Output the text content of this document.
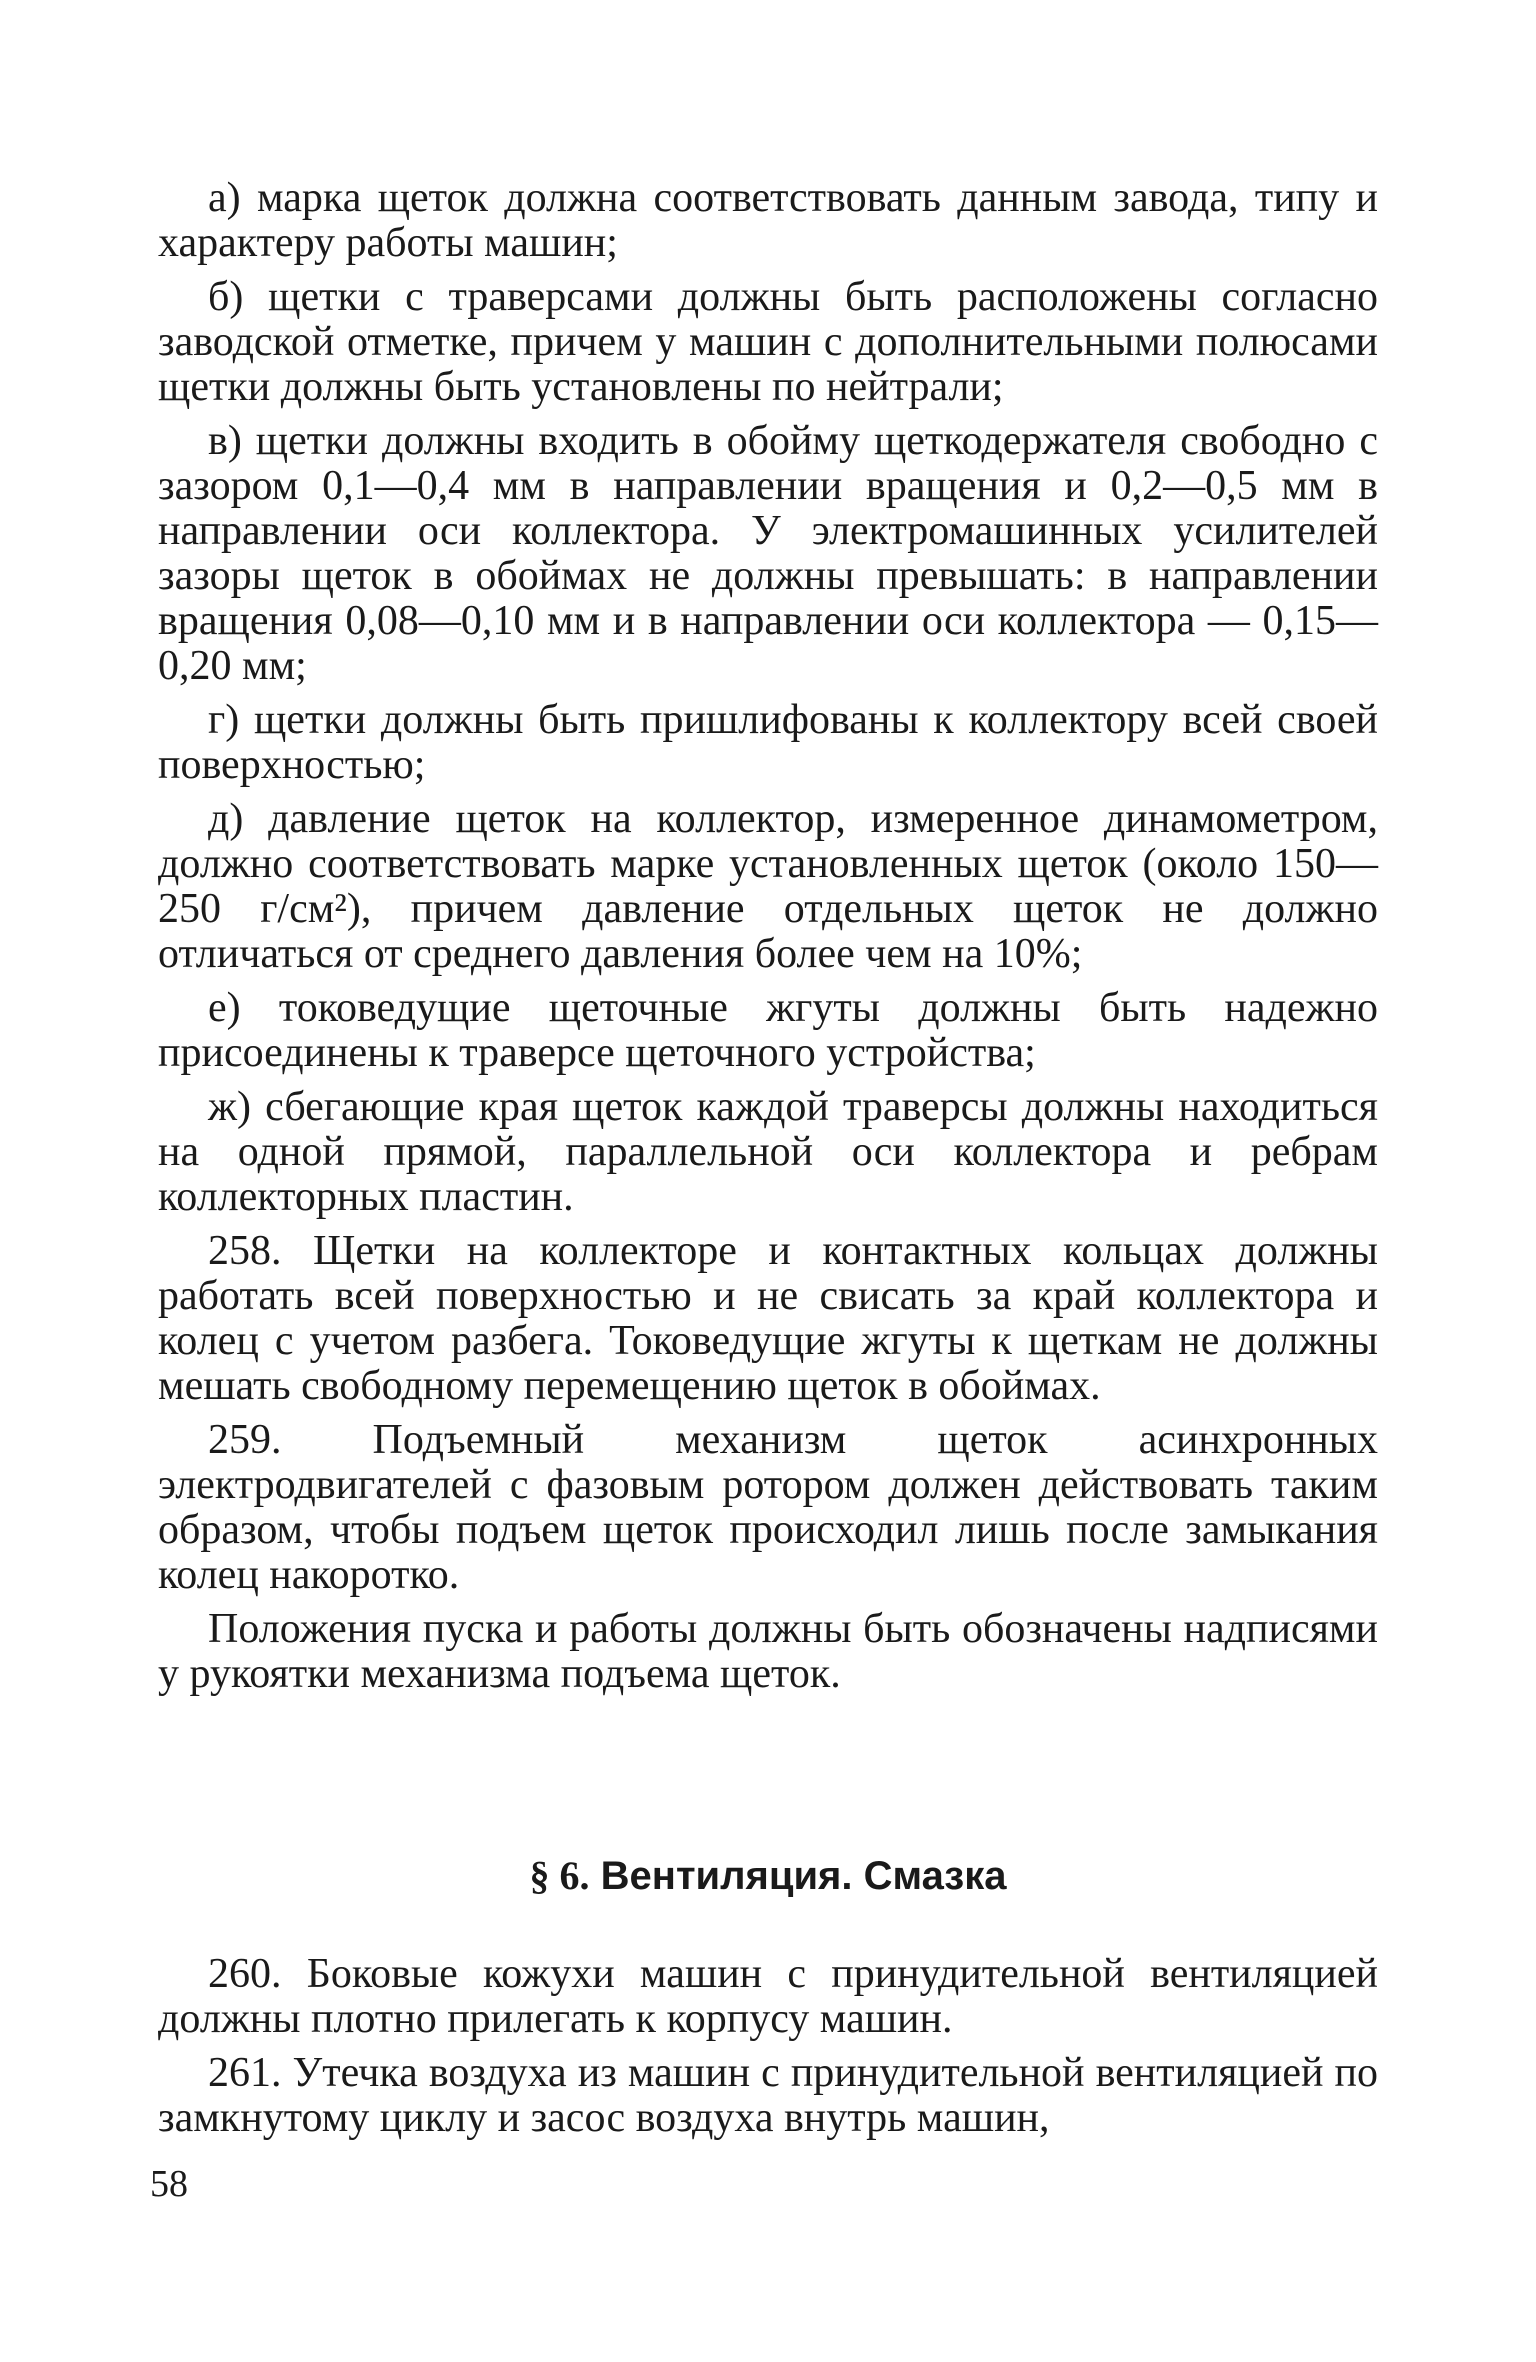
а) марка щеток должна соответствовать данным завода, типу и характеру работы машин;

б) щетки с траверсами должны быть расположены согласно заводской отметке, причем у машин с дополнительными полюсами щетки должны быть установлены по нейтрали;

в) щетки должны входить в обойму щеткодержателя свободно с зазором 0,1—0,4 мм в направлении вращения и 0,2—0,5 мм в направлении оси коллектора. У электромашинных усилителей зазоры щеток в обоймах не должны превышать: в направлении вращения 0,08—0,10 мм и в направлении оси коллектора — 0,15—0,20 мм;

г) щетки должны быть пришлифованы к коллектору всей своей поверхностью;

д) давление щеток на коллектор, измеренное динамометром, должно соответствовать марке установленных щеток (около 150—250 г/см²), причем давление отдельных щеток не должно отличаться от среднего давления более чем на 10%;

е) токоведущие щеточные жгуты должны быть надежно присоединены к траверсе щеточного устройства;

ж) сбегающие края щеток каждой траверсы должны находиться на одной прямой, параллельной оси коллектора и ребрам коллекторных пластин.

258. Щетки на коллекторе и контактных кольцах должны работать всей поверхностью и не свисать за край коллектора и колец с учетом разбега. Токоведущие жгуты к щеткам не должны мешать свободному перемещению щеток в обоймах.

259. Подъемный механизм щеток асинхронных электродвигателей с фазовым ротором должен действовать таким образом, чтобы подъем щеток происходил лишь после замыкания колец накоротко.

Положения пуска и работы должны быть обозначены надписями у рукоятки механизма подъема щеток.

§ 6. Вентиляция. Смазка

260. Боковые кожухи машин с принудительной вентиляцией должны плотно прилегать к корпусу машин.

261. Утечка воздуха из машин с принудительной вентиляцией по замкнутому циклу и засос воздуха внутрь машин,

58
